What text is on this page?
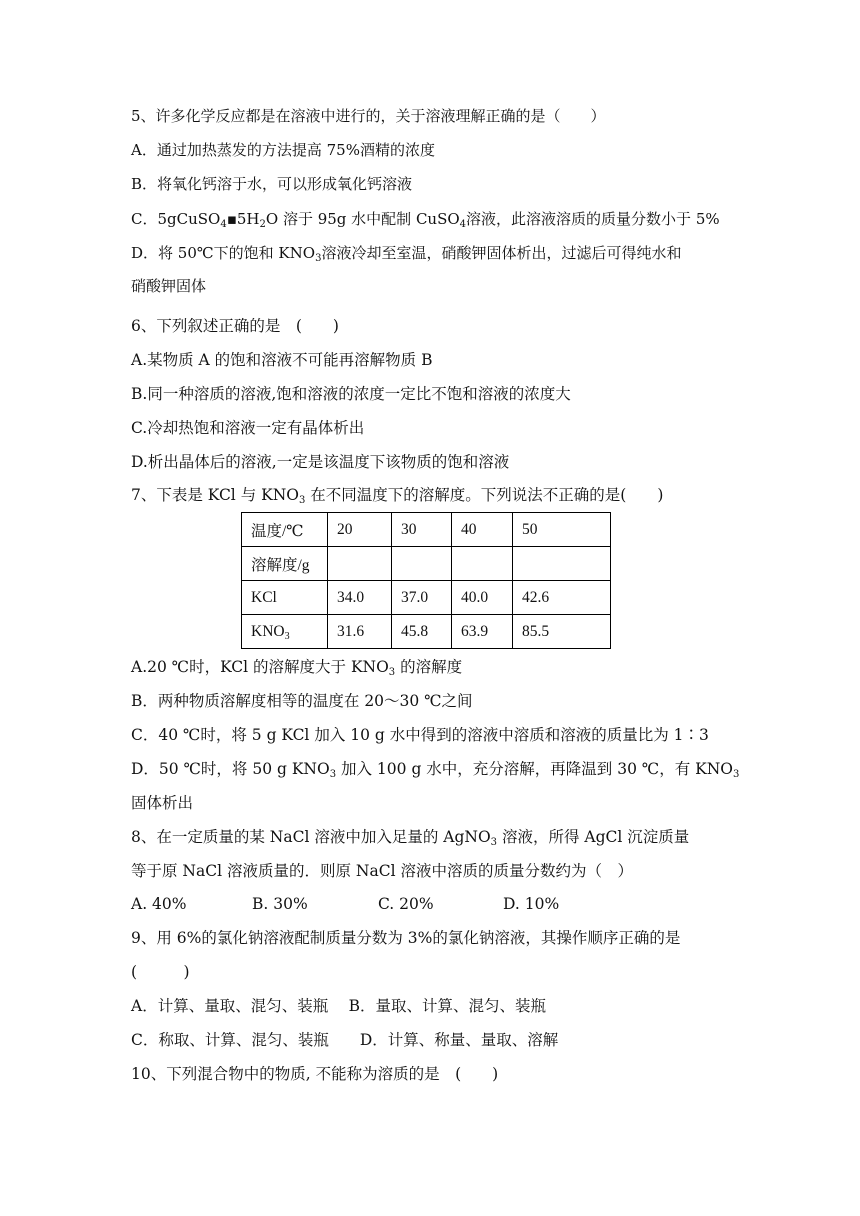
5、许多化学反应都是在溶液中进行的，关于溶液理解正确的是（　　）

A．通过加热蒸发的方法提高 75%酒精的浓度

B．将氧化钙溶于水，可以形成氧化钙溶液

C．$5gCuSO_4▪5H_2O$ 溶于 95g 水中配制 CuSO$_4$溶液，此溶液溶质的质量分数小于 5%

D．将 50℃下的饱和 $KNO_3$溶液冷却至室温，硝酸钾固体析出，过滤后可得纯水和

硝酸钾固体

6、下列叙述正确的是　(　　)

A.某物质 A 的饱和溶液不可能再溶解物质 B

B.同一种溶质的溶液,饱和溶液的浓度一定比不饱和溶液的浓度大

C.冷却热饱和溶液一定有晶体析出

D.析出晶体后的溶液,一定是该温度下该物质的饱和溶液

7、下表是 KCl 与 $KNO_3$ 在不同温度下的溶解度。下列说法不正确的是(　　)

温度/℃	20	30	40	50
溶解度/g				
KCl	34.0	37.0	40.0	42.6
$KNO_3$	31.6	45.8	63.9	85.5

A.20 ℃时，KCl 的溶解度大于 $KNO_3$ 的溶解度

B．两种物质溶解度相等的温度在 20～30 ℃之间

C．40 ℃时，将 5 g KCl 加入 10 g 水中得到的溶液中溶质和溶液的质量比为 1∶3

D．50 ℃时，将 50 g $KNO_3$ 加入 100 g 水中，充分溶解，再降温到 30 ℃，有 $KNO_3$

固体析出

8、在一定质量的某 NaCl 溶液中加入足量的 AgNO$_3$ 溶液，所得 AgCl 沉淀质量

等于原 NaCl 溶液质量的．则原 NaCl 溶液中溶质的质量分数约为（　）

A. 40%	B. 30%	C. 20%	D. 10%

9、用 6%的氯化钠溶液配制质量分数为 3%的氯化钠溶液，其操作顺序正确的是

(　　　)

A．计算、量取、混匀、装瓶　 B．量取、计算、混匀、装瓶

C．称取、计算、混匀、装瓶　　D．计算、称量、量取、溶解

10、下列混合物中的物质, 不能称为溶质的是　(　　)
